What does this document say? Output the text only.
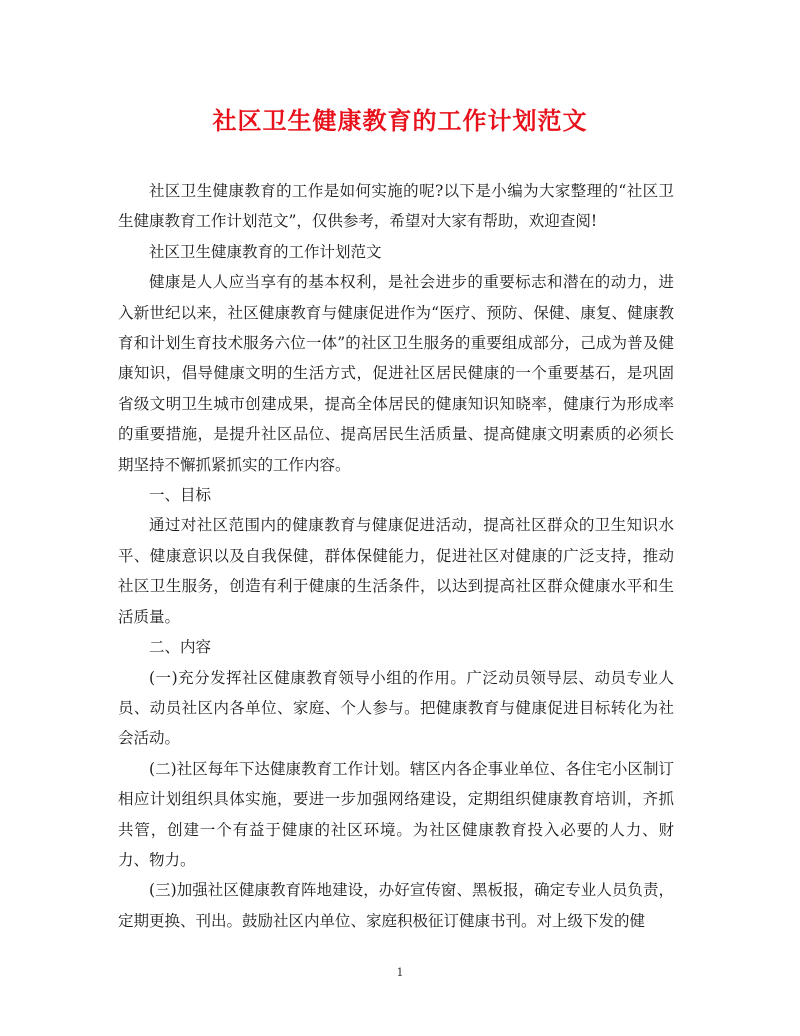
社区卫生健康教育的工作计划范文

社区卫生健康教育的工作是如何实施的呢?以下是小编为大家整理的“社区卫生健康教育工作计划范文”，仅供参考，希望对大家有帮助，欢迎查阅!

社区卫生健康教育的工作计划范文

健康是人人应当享有的基本权利，是社会进步的重要标志和潜在的动力，进入新世纪以来，社区健康教育与健康促进作为“医疗、预防、保健、康复、健康教育和计划生育技术服务六位一体”的社区卫生服务的重要组成部分，己成为普及健康知识，倡导健康文明的生活方式，促进社区居民健康的一个重要基石，是巩固省级文明卫生城市创建成果，提高全体居民的健康知识知晓率，健康行为形成率的重要措施，是提升社区品位、提高居民生活质量、提高健康文明素质的必须长期坚持不懈抓紧抓实的工作内容。

一、目标

通过对社区范围内的健康教育与健康促进活动，提高社区群众的卫生知识水平、健康意识以及自我保健，群体保健能力，促进社区对健康的广泛支持，推动社区卫生服务，创造有利于健康的生活条件，以达到提高社区群众健康水平和生活质量。

二、内容

(一)充分发挥社区健康教育领导小组的作用。广泛动员领导层、动员专业人员、动员社区内各单位、家庭、个人参与。把健康教育与健康促进目标转化为社会活动。

(二)社区每年下达健康教育工作计划。辖区内各企事业单位、各住宅小区制订相应计划组织具体实施，要进一步加强网络建设，定期组织健康教育培训，齐抓共管，创建一个有益于健康的社区环境。为社区健康教育投入必要的人力、财力、物力。

(三)加强社区健康教育阵地建设，办好宣传窗、黑板报，确定专业人员负责，定期更换、刊出。鼓励社区内单位、家庭积极征订健康书刊。对上级下发的健

1
